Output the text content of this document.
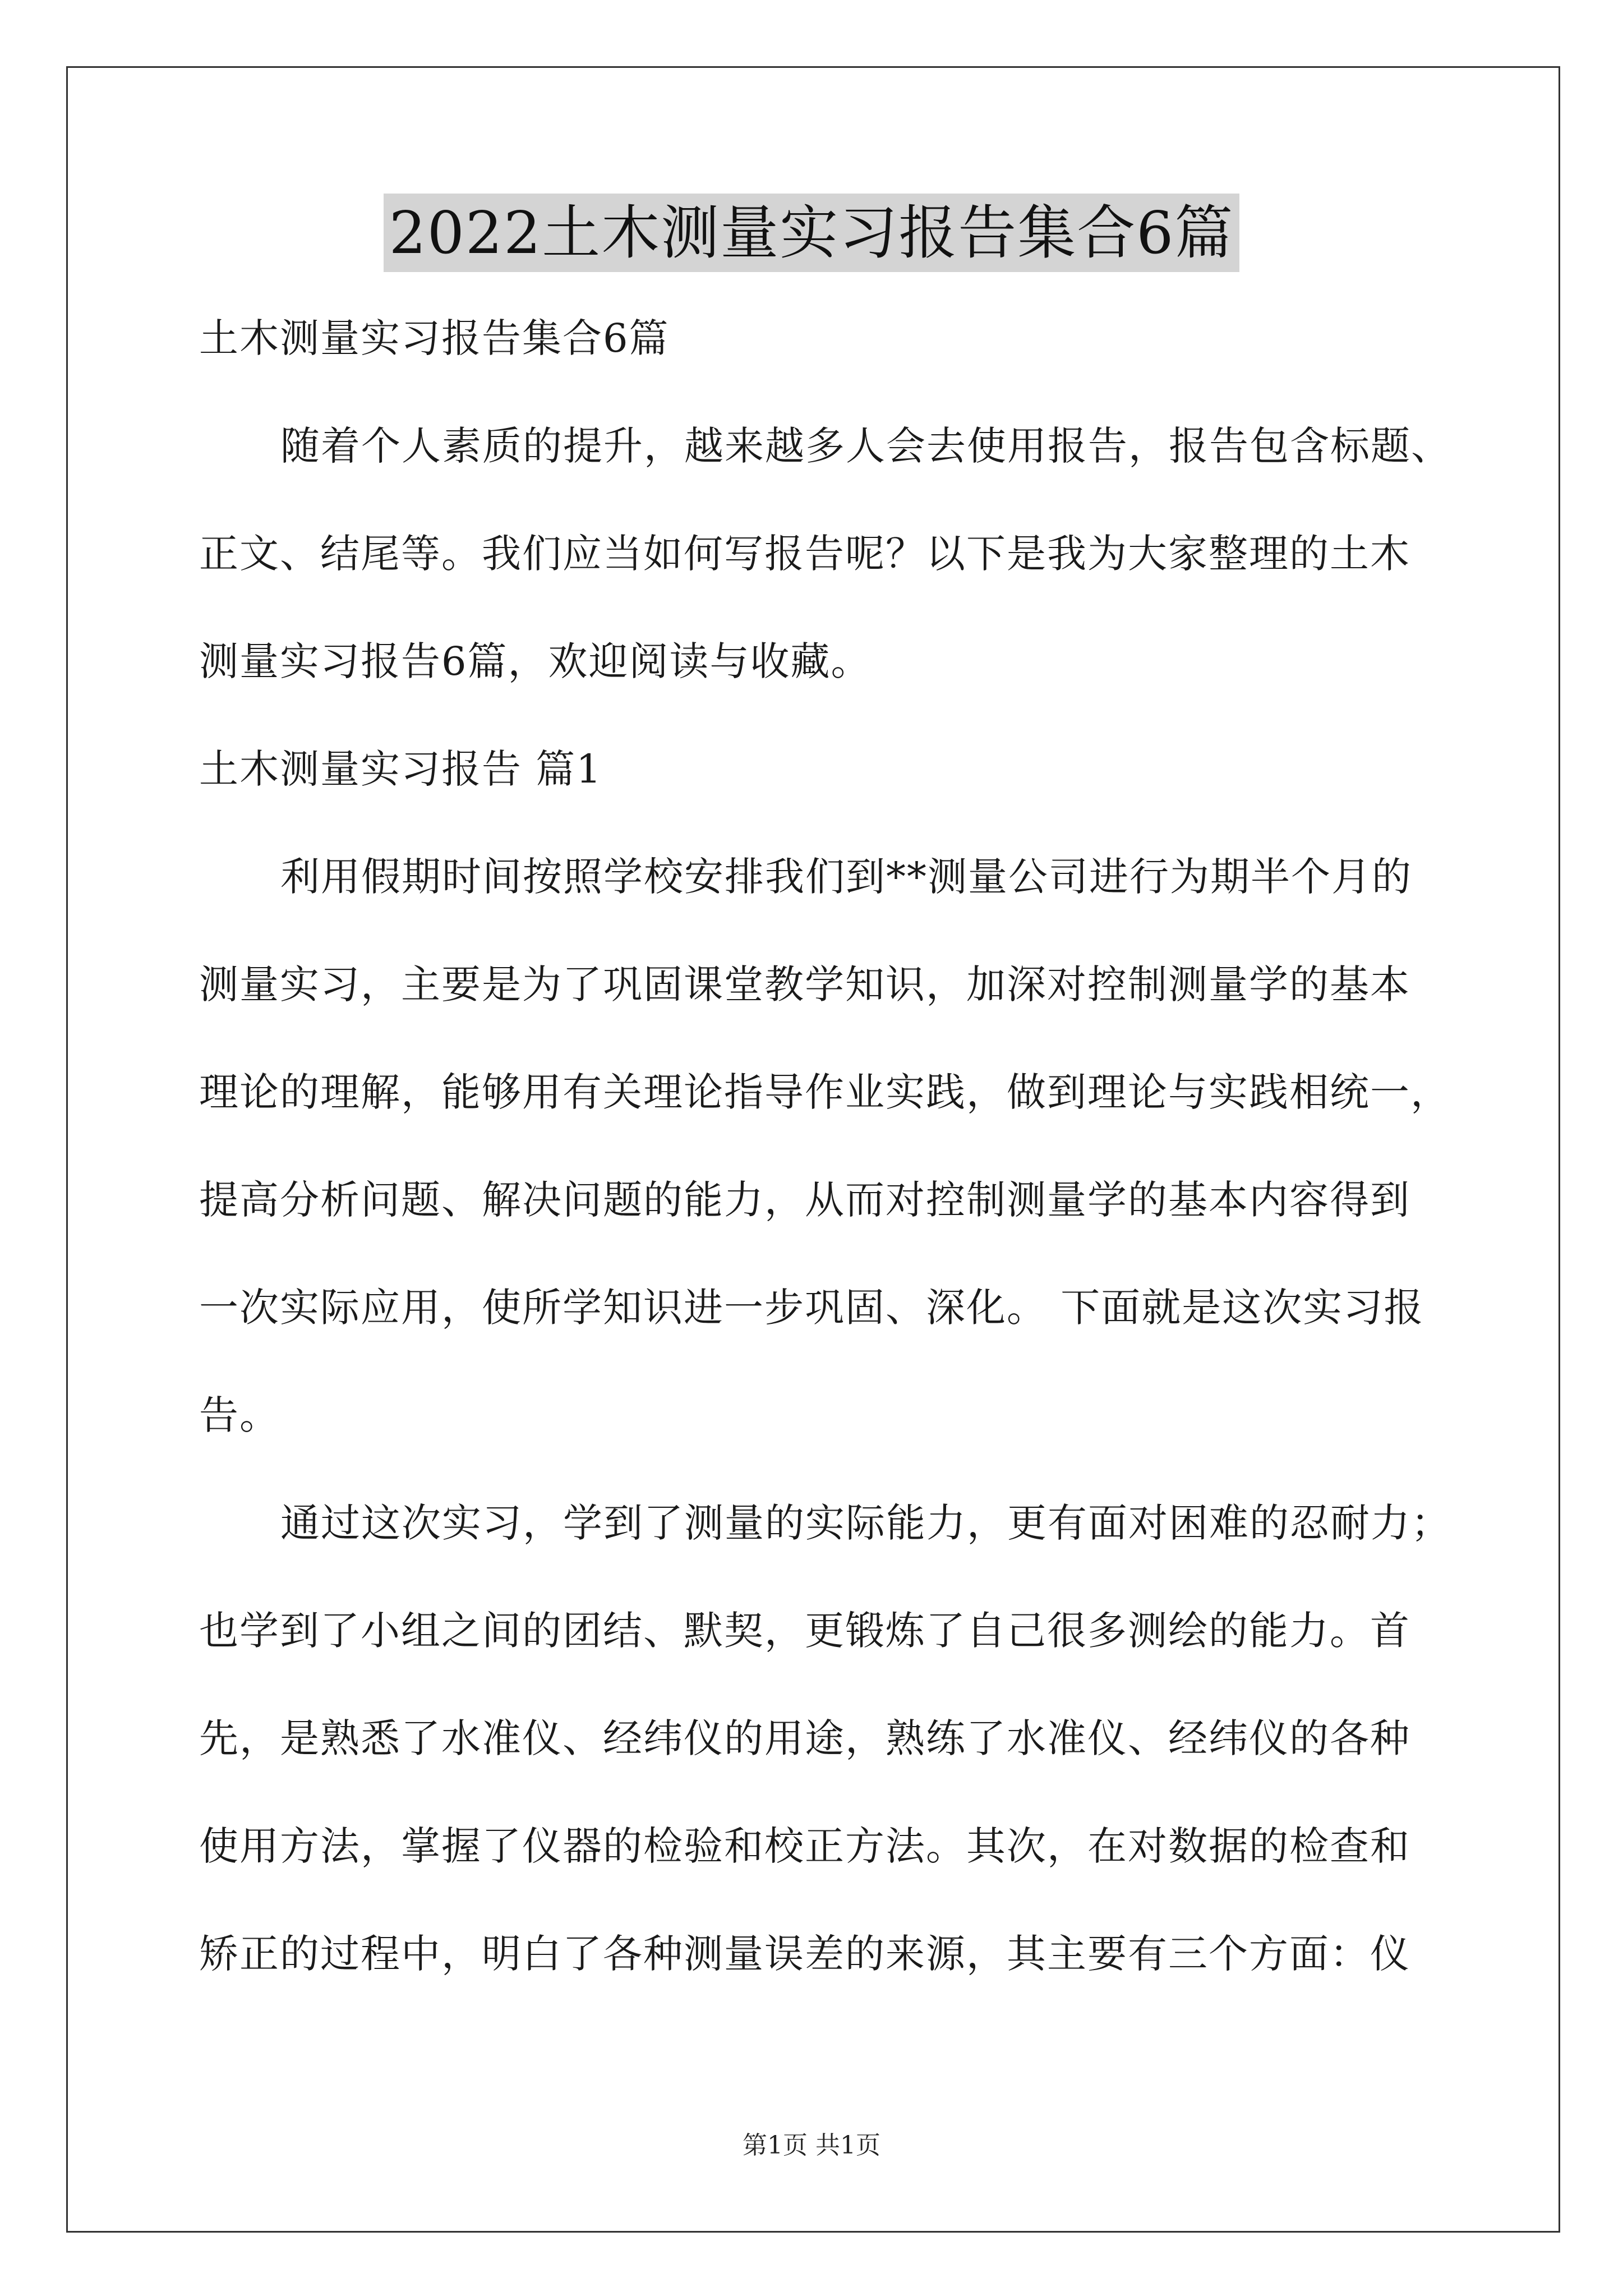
2022土木测量实习报告集合6篇
土木测量实习报告集合6篇
随着个人素质的提升，越来越多人会去使用报告，报告包含标题、
正文、结尾等。我们应当如何写报告呢？以下是我为大家整理的土木
测量实习报告6篇，欢迎阅读与收藏。
土木测量实习报告 篇1
利用假期时间按照学校安排我们到**测量公司进行为期半个月的
测量实习，主要是为了巩固课堂教学知识，加深对控制测量学的基本
理论的理解，能够用有关理论指导作业实践，做到理论与实践相统一，
提高分析问题、解决问题的能力，从而对控制测量学的基本内容得到
一次实际应用，使所学知识进一步巩固、深化。 下面就是这次实习报
告。
通过这次实习，学到了测量的实际能力，更有面对困难的忍耐力；
也学到了小组之间的团结、默契，更锻炼了自己很多测绘的能力。首
先，是熟悉了水准仪、经纬仪的用途，熟练了水准仪、经纬仪的各种
使用方法，掌握了仪器的检验和校正方法。其次，在对数据的检查和
矫正的过程中，明白了各种测量误差的来源，其主要有三个方面：仪
第1页 共1页
